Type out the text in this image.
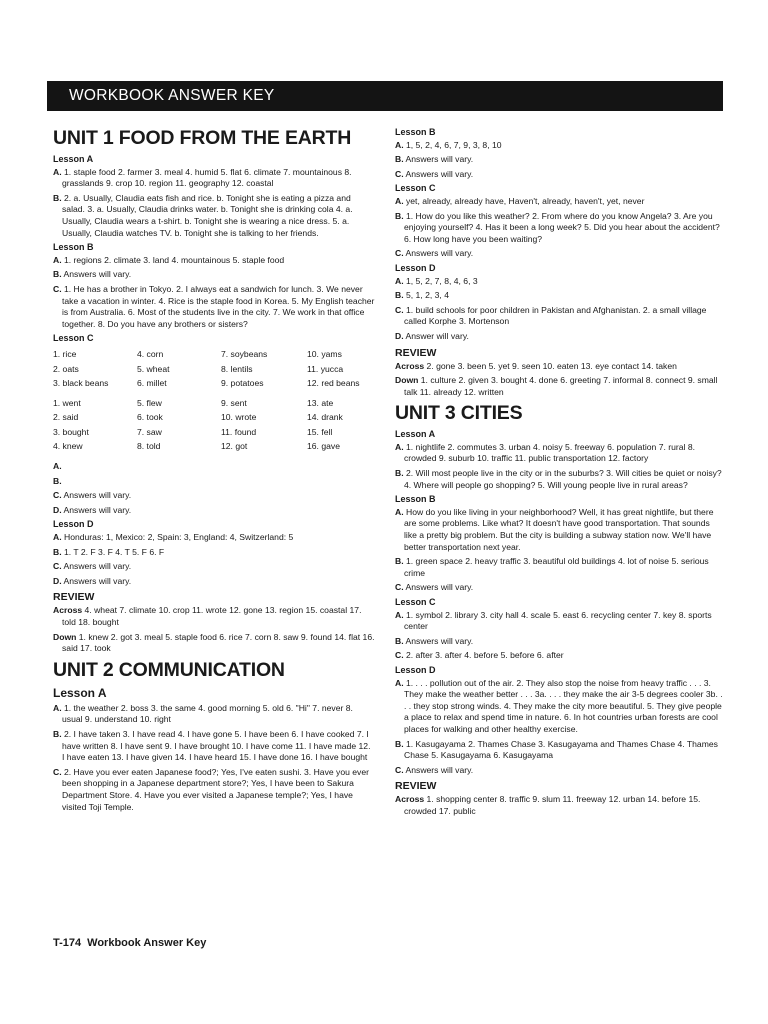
WORKBOOK ANSWER KEY
UNIT 1 FOOD FROM THE EARTH
Lesson A
A. 1. staple food 2. farmer 3. meal 4. humid 5. flat 6. climate 7. mountainous 8. grasslands 9. crop 10. region 11. geography 12. coastal
B. 2. a. Usually, Claudia eats fish and rice. b. Tonight she is eating a pizza and salad. 3. a. Usually, Claudia drinks water. b. Tonight she is drinking cola 4. a. Usually, Claudia wears a t-shirt. b. Tonight she is wearing a nice dress. 5. a. Usually, Claudia watches TV. b. Tonight she is talking to her friends.
Lesson B
A. 1. regions 2. climate 3. land 4. mountainous 5. staple food
B. Answers will vary.
C. 1. He has a brother in Tokyo. 2. I always eat a sandwich for lunch. 3. We never take a vacation in winter. 4. Rice is the staple food in Korea. 5. My English teacher is from Australia. 6. Most of the students live in the city. 7. We work in that office together. 8. Do you have any brothers or sisters?
Lesson C
1. rice	4. corn	7. soybeans	10. yams
2. oats	5. wheat	8. lentils	11. yucca
3. black beans	6. millet	9. potatoes	12. red beans
1. went	5. flew	9. sent	13. ate
2. said	6. took	10. wrote	14. drank
3. bought	7. saw	11. found	15. fell
4. knew	8. told	12. got	16. gave
A.
B.
C. Answers will vary.
D. Answers will vary.
Lesson D
A. Honduras: 1, Mexico: 2, Spain: 3, England: 4, Switzerland: 5
B. 1. T 2. F 3. F 4. T 5. F 6. F
C. Answers will vary.
D. Answers will vary.
REVIEW
Across 4. wheat 7. climate 10. crop 11. wrote 12. gone 13. region 15. coastal 17. told 18. bought
Down 1. knew 2. got 3. meal 5. staple food 6. rice 7. corn 8. saw 9. found 14. flat 16. said 17. took
UNIT 2 COMMUNICATION
Lesson A
A. 1. the weather 2. boss 3. the same 4. good morning 5. old 6. "Hi" 7. never 8. usual 9. understand 10. right
B. 2. I have taken 3. I have read 4. I have gone 5. I have been 6. I have cooked 7. I have written 8. I have sent 9. I have brought 10. I have come 11. I have made 12. I have eaten 13. I have given 14. I have heard 15. I have done 16. I have bought
C. 2. Have you ever eaten Japanese food?; Yes, I've eaten sushi. 3. Have you ever been shopping in a Japanese department store?; Yes, I have been to Sakura Department Store. 4. Have you ever visited a Japanese temple?; Yes, I have visited Toji Temple.
Lesson B
A. 1, 5, 2, 4, 6, 7, 9, 3, 8, 10
B. Answers will vary.
C. Answers will vary.
Lesson C
A. yet, already, already have, Haven't, already, haven't, yet, never
B. 1. How do you like this weather? 2. From where do you know Angela? 3. Are you enjoying yourself? 4. Has it been a long week? 5. Did you hear about the accident? 6. How long have you been waiting?
C. Answers will vary.
Lesson D
A. 1, 5, 2, 7, 8, 4, 6, 3
B. 5, 1, 2, 3, 4
C. 1. build schools for poor children in Pakistan and Afghanistan. 2. a small village called Korphe 3. Mortenson
D. Answer will vary.
REVIEW
Across 2. gone 3. been 5. yet 9. seen 10. eaten 13. eye contact 14. taken
Down 1. culture 2. given 3. bought 4. done 6. greeting 7. informal 8. connect 9. small talk 11. already 12. written
UNIT 3 CITIES
Lesson A
A. 1. nightlife 2. commutes 3. urban 4. noisy 5. freeway 6. population 7. rural 8. crowded 9. suburb 10. traffic 11. public transportation 12. factory
B. 2. Will most people live in the city or in the suburbs? 3. Will cities be quiet or noisy? 4. Where will people go shopping? 5. Will young people live in rural areas?
Lesson B
A. How do you like living in your neighborhood? Well, it has great nightlife, but there are some problems. Like what? It doesn't have good transportation. That sounds like a pretty big problem. But the city is building a subway station now. We'll have better transportation next year.
B. 1. green space 2. heavy traffic 3. beautiful old buildings 4. lot of noise 5. serious crime
C. Answers will vary.
Lesson C
A. 1. symbol 2. library 3. city hall 4. scale 5. east 6. recycling center 7. key 8. sports center
B. Answers will vary.
C. 2. after 3. after 4. before 5. before 6. after
Lesson D
A. 1. . . . pollution out of the air. 2. They also stop the noise from heavy traffic . . . 3. They make the weather better . . . 3a. . . . they make the air 3-5 degrees cooler 3b. . . . they stop strong winds. 4. They make the city more beautiful. 5. They give people a place to relax and spend time in nature. 6. In hot countries urban forests are cool places for walking and other healthy exercise.
B. 1. Kasugayama 2. Thames Chase 3. Kasugayama and Thames Chase 4. Thames Chase 5. Kasugayama 6. Kasugayama
C. Answers will vary.
REVIEW
Across 1. shopping center 8. traffic 9. slum 11. freeway 12. urban 14. before 15. crowded 17. public
T-174 Workbook Answer Key
